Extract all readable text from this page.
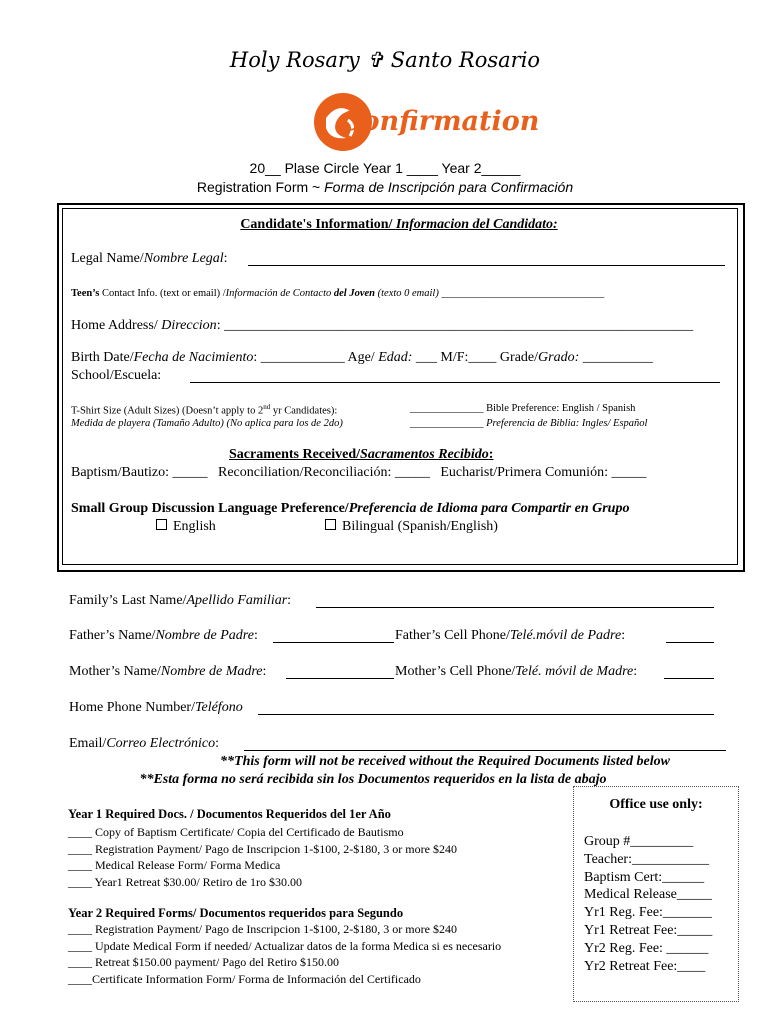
Holy Rosary ✞ Santo Rosario
Confirmation
20__ Plase Circle Year 1 ____ Year 2_____
Registration Form ~ Forma de Inscripción para Confirmación
Candidate's Information/ Informacion del Candidato:
Legal Name/Nombre Legal:
Teen’s Contact Info. (text or email) /Información de Contacto del Joven (texto 0 email) _______________________________
Home Address/ Direccion: ___________________________________________________________________
Birth Date/Fecha de Nacimiento: ____________ Age/ Edad: ___ M/F:____ Grade/Grado: __________
School/Escuela:
T-Shirt Size (Adult Sizes) (Doesn’t apply to 2nd yr Candidates):	______________ Bible Preference: English / Spanish
Medida de playera (Tamaño Adulto) (No aplica para los de 2do)	______________ Preferencia de Biblia: Ingles/ Español
Sacraments Received/Sacramentos Recibido:
Baptism/Bautizo: _____   Reconciliation/Reconciliación: _____   Eucharist/Primera Comunión: _____
Small Group Discussion Language Preference/Preferencia de Idioma para Compartir en Grupo
English	Bilingual (Spanish/English)
Family’s Last Name/Apellido Familiar:
Father’s Name/Nombre de Padre:	Father’s Cell Phone/Telé.móvil de Padre:
Mother’s Name/Nombre de Madre:	Mother’s Cell Phone/Telé. móvil de Madre:
Home Phone Number/Teléfono
Email/Correo Electrónico:
**This form will not be received without the Required Documents listed below
**Esta forma no será recibida sin los Documentos requeridos en la lista de abajo
Year 1 Required Docs. / Documentos Requeridos del 1er Año
____ Copy of Baptism Certificate/ Copia del Certificado de Bautismo
____ Registration Payment/ Pago de Inscripcion 1-$100, 2-$180, 3 or more $240
____ Medical Release Form/ Forma Medica
____ Year1 Retreat $30.00/ Retiro de 1ro $30.00
Year 2 Required Forms/ Documentos requeridos para Segundo
____ Registration Payment/ Pago de Inscripcion 1-$100, 2-$180, 3 or more $240
____ Update Medical Form if needed/ Actualizar datos de la forma Medica si es necesario
____ Retreat $150.00 payment/ Pago del Retiro $150.00
____Certificate Information Form/ Forma de Información del Certificado
Office use only:
Group #_________
Teacher:___________
Baptism Cert:______
Medical Release_____
Yr1 Reg. Fee:_______
Yr1 Retreat Fee:_____
Yr2 Reg. Fee: ______
Yr2 Retreat Fee:____
